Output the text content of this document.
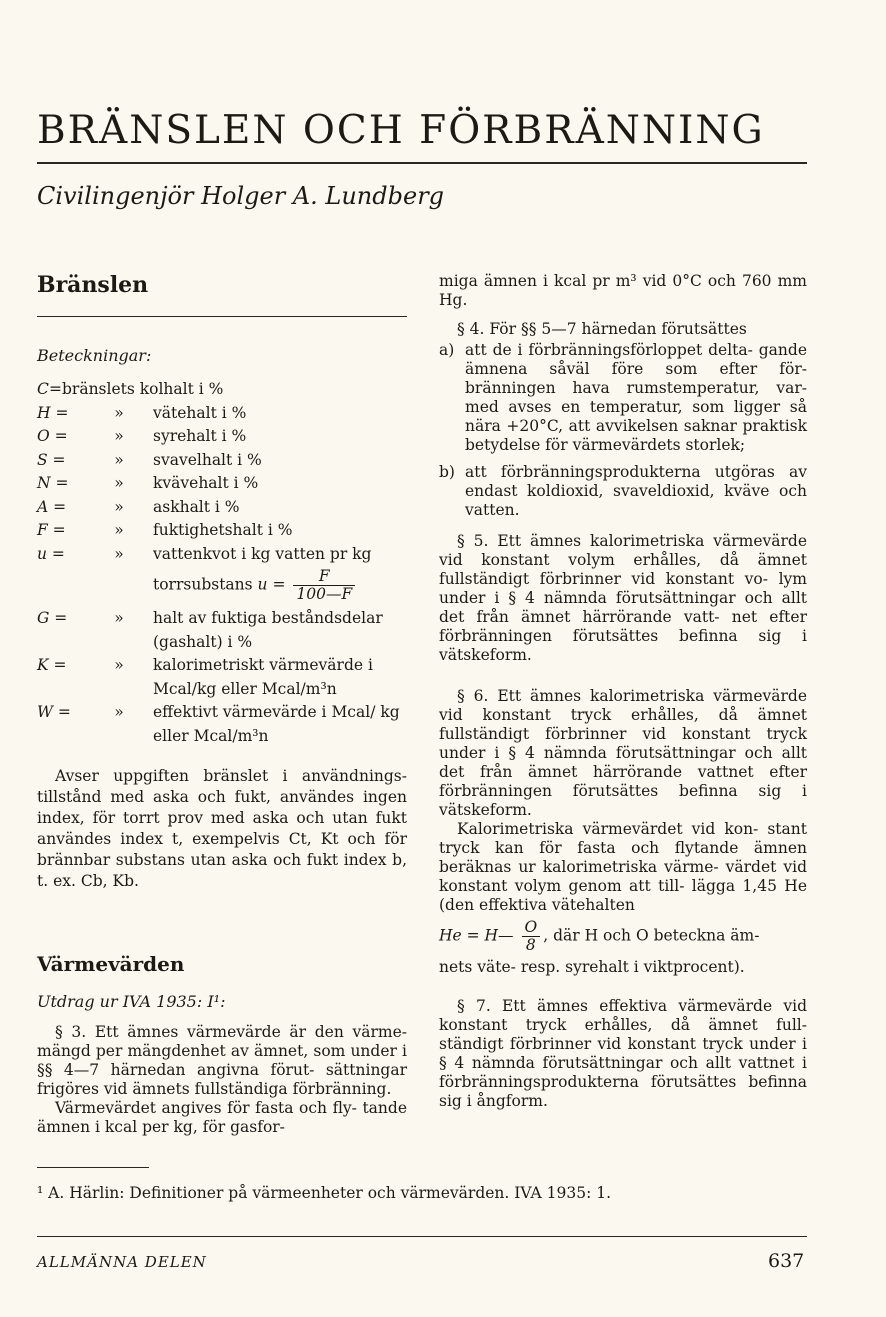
BRÄNSLEN OCH FÖRBRÄNNING
Civilingenjör Holger A. Lundberg
Bränslen
Beteckningar:
C = bränslets kolhalt i %
H =	»	vätehalt i %
O =	»	syrehalt i %
S =	»	svavelhalt i %
N =	»	kvävehalt i %
A =	»	askhalt i %
F =	»	fuktighetshalt i %
u =	»	vattenkvot i kg vatten pr kg
torrsubstans $u = \frac{F}{100—F}$
G =	»	halt av fuktiga beståndsdelar (gashalt) i %
K =	»	kalorimetriskt värmevärde i Mcal/kg eller Mcal/m³n
W =	»	effektivt värmevärde i Mcal/ kg eller Mcal/m³n

Avser uppgiften bränslet i användnings- tillstånd med aska och fukt, användes ingen index, för torrt prov med aska och utan fukt användes index t, exempelvis Ct, Kt och för brännbar substans utan aska och fukt index b, t. ex. Cb, Kb.

Värmevärden
Utdrag ur IVA 1935: I¹:

§ 3. Ett ämnes värmevärde är den värme- mängd per mängdenhet av ämnet, som under i §§ 4—7 härnedan angivna förut- sättningar frigöres vid ämnets fullständiga förbränning.

Värmevärdet angives för fasta och fly- tande ämnen i kcal per kg, för gasfor-

miga ämnen i kcal pr m³ vid 0°C och 760 mm Hg.

§ 4. För §§ 5—7 härnedan förutsättes

a) att de i förbränningsförloppet delta- gande ämnena såväl före som efter för- bränningen hava rumstemperatur, var- med avses en temperatur, som ligger så nära +20°C, att avvikelsen saknar praktisk betydelse för värmevärdets storlek;
b) att förbränningsprodukterna utgöras av endast koldioxid, svaveldioxid, kväve och vatten.

§ 5. Ett ämnes kalorimetriska värmevärde vid konstant volym erhålles, då ämnet fullständigt förbrinner vid konstant vo- lym under i § 4 nämnda förutsättningar och allt det från ämnet härrörande vatt- net efter förbränningen förutsättes befinna sig i vätskeform.

§ 6. Ett ämnes kalorimetriska värmevärde vid konstant tryck erhålles, då ämnet fullständigt förbrinner vid konstant tryck under i § 4 nämnda förutsättningar och allt det från ämnet härrörande vattnet efter förbränningen förutsättes befinna sig i vätskeform.

Kalorimetriska värmevärdet vid kon- stant tryck kan för fasta och flytande ämnen beräknas ur kalorimetriska värme- värdet vid konstant volym genom att till- lägga 1,45 He (den effektiva vätehalten

He = H— $\frac{O}{8}$ , där H och O beteckna äm-

nets väte- resp. syrehalt i viktprocent).

§ 7. Ett ämnes effektiva värmevärde vid konstant tryck erhålles, då ämnet full- ständigt förbrinner vid konstant tryck under i § 4 nämnda förutsättningar och allt vattnet i förbränningsprodukterna förutsättes befinna sig i ångform.

¹ A. Härlin: Definitioner på värmeenheter och värmevärden. IVA 1935: 1.
ALLMÄNNA DELEN	637
